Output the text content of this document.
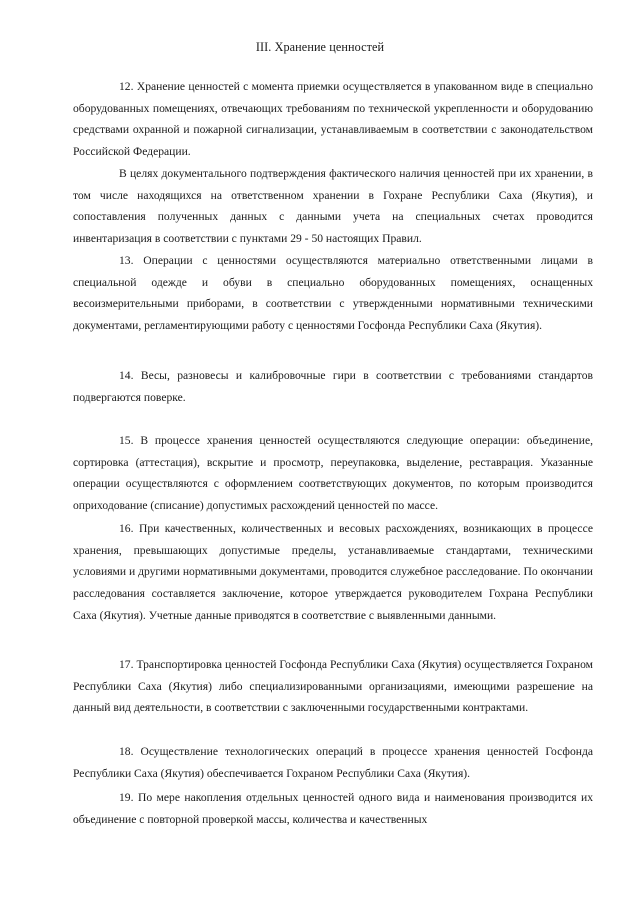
III. Хранение ценностей

12. Хранение ценностей с момента приемки осуществляется в упакованном виде в специально оборудованных помещениях, отвечающих требованиям по технической укрепленности и оборудованию средствами охранной и пожарной сигнализации, устанавливаемым в соответствии с законодательством Российской Федерации.

В целях документального подтверждения фактического наличия ценностей при их хранении, в том числе находящихся на ответственном хранении в Гохране Республики Саха (Якутия), и сопоставления полученных данных с данными учета на специальных счетах проводится инвентаризация в соответствии с пунктами 29 - 50 настоящих Правил.

13. Операции с ценностями осуществляются материально ответственными лицами в специальной одежде и обуви в специально оборудованных помещениях, оснащенных весоизмерительными приборами, в соответствии с утвержденными нормативными техническими документами, регламентирующими работу с ценностями Госфонда Республики Саха (Якутия).

14. Весы, разновесы и калибровочные гири в соответствии с требованиями стандартов подвергаются поверке.

15. В процессе хранения ценностей осуществляются следующие операции: объединение, сортировка (аттестация), вскрытие и просмотр, переупаковка, выделение, реставрация. Указанные операции осуществляются с оформлением соответствующих документов, по которым производится оприходование (списание) допустимых расхождений ценностей по массе.

16. При качественных, количественных и весовых расхождениях, возникающих в процессе хранения, превышающих допустимые пределы, устанавливаемые стандартами, техническими условиями и другими нормативными документами, проводится служебное расследование. По окончании расследования составляется заключение, которое утверждается руководителем Гохрана Республики Саха (Якутия). Учетные данные приводятся в соответствие с выявленными данными.

17. Транспортировка ценностей Госфонда Республики Саха (Якутия) осуществляется Гохраном Республики Саха (Якутия) либо специализированными организациями, имеющими разрешение на данный вид деятельности, в соответствии с заключенными государственными контрактами.

18. Осуществление технологических операций в процессе хранения ценностей Госфонда Республики Саха (Якутия) обеспечивается Гохраном Республики Саха (Якутия).

19. По мере накопления отдельных ценностей одного вида и наименования производится их объединение с повторной проверкой массы, количества и качественных
